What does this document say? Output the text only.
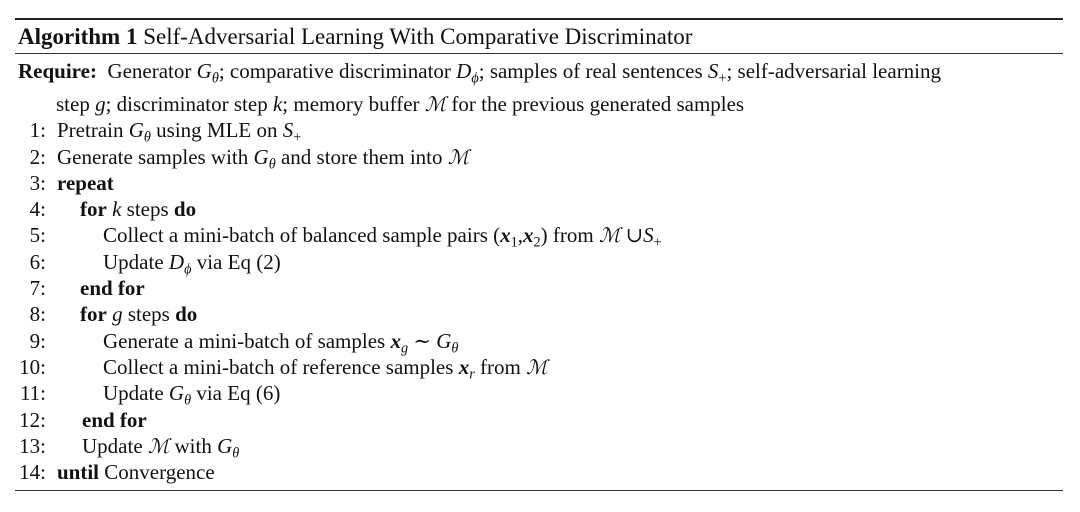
Algorithm 1 Self-Adversarial Learning With Comparative Discriminator
Require:  Generator $G_\theta$; comparative discriminator $D_\phi$; samples of real sentences $S_+$; self-adversarial learning
step g; discriminator step k; memory buffer ℳ for the previous generated samples
1: Pretrain $G_\theta$ using MLE on $S_+$
2: Generate samples with $G_\theta$ and store them into ℳ
3: repeat
4: for k steps do
5:	Collect a mini-batch of balanced sample pairs $(x_1,x_2)$ from ℳ $\cup S_+$
6:	Update $D_\phi$ via Eq (2)
7: end for
8: for g steps do
9:	Generate a mini-batch of samples $x_g$ ∼ $G_\theta$
10:	Collect a mini-batch of reference samples $x_r$ from ℳ
11:	Update $G_\theta$ via Eq (6)
12: end for
13: Update ℳ with $G_\theta$
14: until Convergence
